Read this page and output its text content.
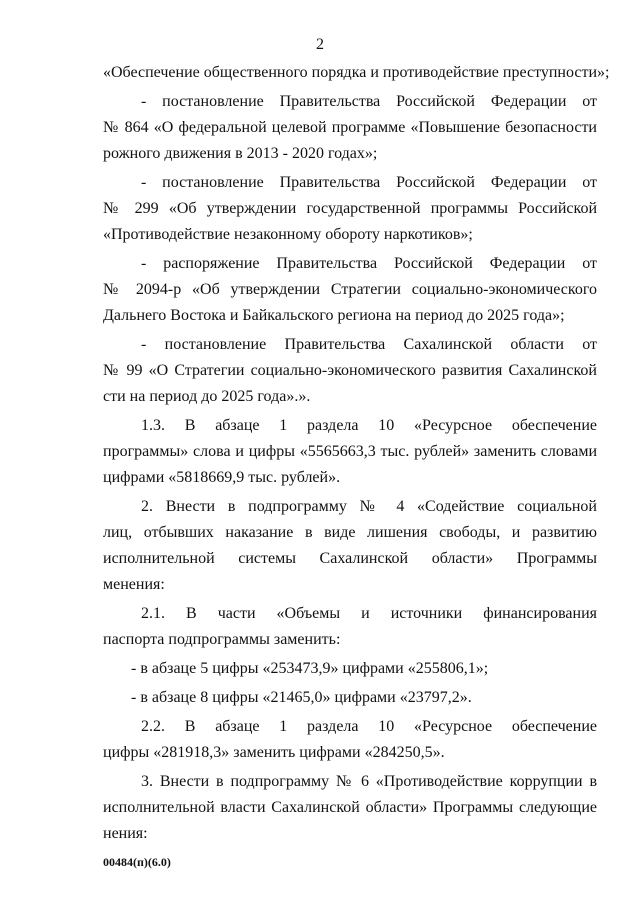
2
«Обеспечение общественного порядка и противодействие преступности»;
- постановление Правительства Российской Федерации от
№ 864 «О федеральной целевой программе «Повышение безопасности
рожного движения в 2013 - 2020 годах»;
- постановление Правительства Российской Федерации от
№ 299 «Об утверждении государственной программы Российской
«Противодействие незаконному обороту наркотиков»;
- распоряжение Правительства Российской Федерации от
№ 2094-р «Об утверждении Стратегии социально-экономического
Дальнего Востока и Байкальского региона на период до 2025 года»;
- постановление Правительства Сахалинской области от
№ 99 «О Стратегии социально-экономического развития Сахалинской
сти на период до 2025 года».».
1.3. В абзаце 1 раздела 10 «Ресурсное обеспечение
программы» слова и цифры «5565663,3 тыс. рублей» заменить словами
цифрами «5818669,9 тыс. рублей».
2. Внести в подпрограмму № 4 «Содействие социальной
лиц, отбывших наказание в виде лишения свободы, и развитию
исполнительной системы Сахалинской области» Программы
менения:
2.1. В части «Объемы и источники финансирования
паспорта подпрограммы заменить:
- в абзаце 5 цифры «253473,9» цифрами «255806,1»;
- в абзаце 8 цифры «21465,0» цифрами «23797,2».
2.2. В абзаце 1 раздела 10 «Ресурсное обеспечение
цифры «281918,3» заменить цифрами «284250,5».
3. Внести в подпрограмму № 6 «Противодействие коррупции в
исполнительной власти Сахалинской области» Программы следующие
нения:
00484(п)(6.0)
